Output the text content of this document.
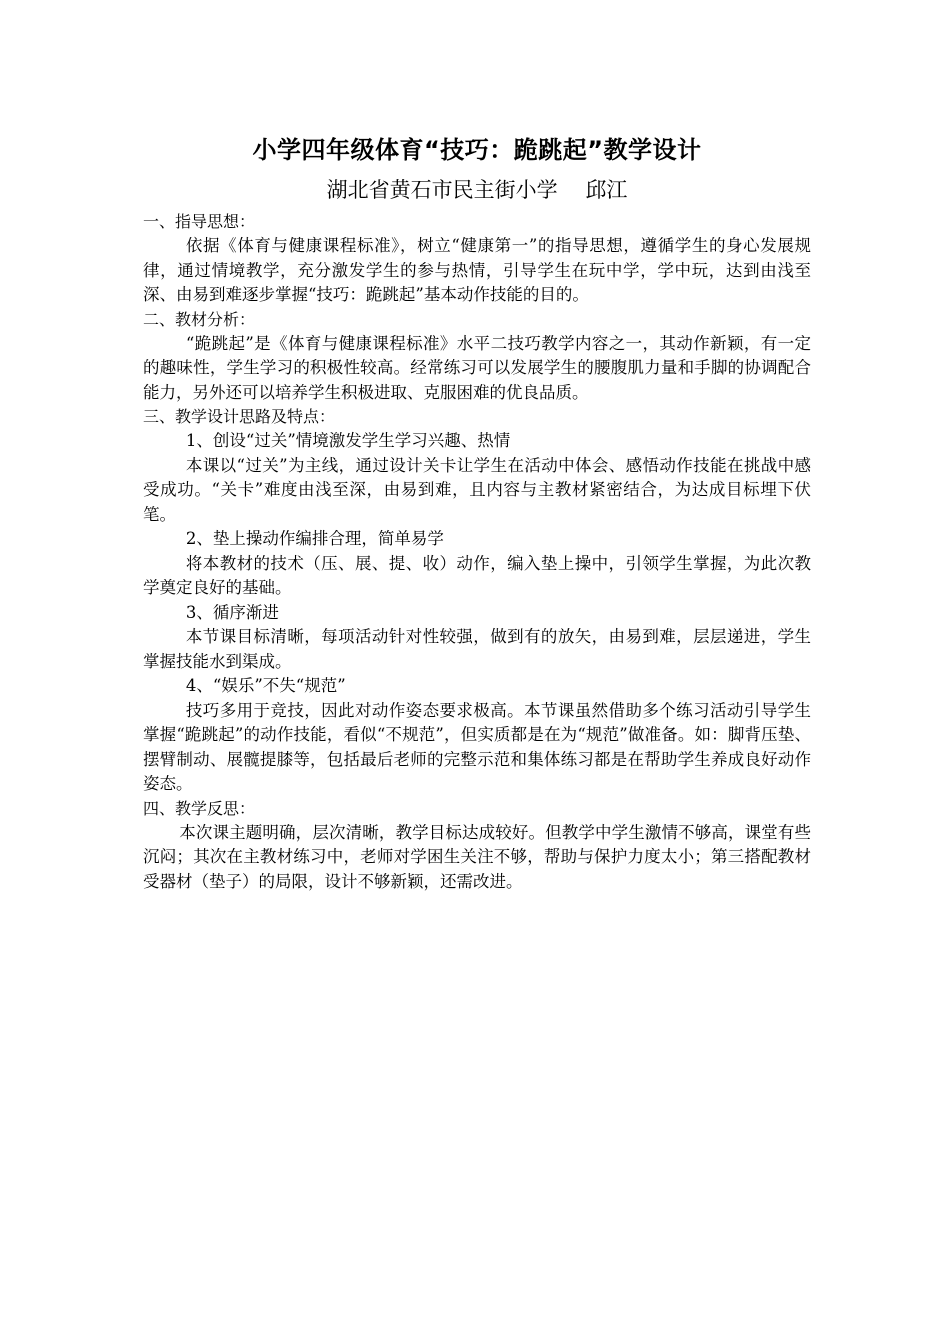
小学四年级体育“技巧：跪跳起”教学设计

湖北省黄石市民主街小学　 邱江

一、指导思想：

依据《体育与健康课程标准》，树立“健康第一”的指导思想，遵循学生的身心发展规律，通过情境教学，充分激发学生的参与热情，引导学生在玩中学，学中玩，达到由浅至深、由易到难逐步掌握“技巧：跪跳起”基本动作技能的目的。

二、教材分析：

“跪跳起”是《体育与健康课程标准》水平二技巧教学内容之一，其动作新颖，有一定的趣味性，学生学习的积极性较高。经常练习可以发展学生的腰腹肌力量和手脚的协调配合能力，另外还可以培养学生积极进取、克服困难的优良品质。

三、教学设计思路及特点：

1、创设“过关”情境激发学生学习兴趣、热情

本课以“过关”为主线，通过设计关卡让学生在活动中体会、感悟动作技能在挑战中感受成功。“关卡”难度由浅至深，由易到难，且内容与主教材紧密结合，为达成目标埋下伏笔。

2、垫上操动作编排合理，简单易学

将本教材的技术（压、展、提、收）动作，编入垫上操中，引领学生掌握，为此次教学奠定良好的基础。

3、循序渐进

本节课目标清晰，每项活动针对性较强，做到有的放矢，由易到难，层层递进，学生掌握技能水到渠成。

4、“娱乐”不失“规范”

技巧多用于竞技，因此对动作姿态要求极高。本节课虽然借助多个练习活动引导学生掌握“跪跳起”的动作技能，看似“不规范”，但实质都是在为“规范”做准备。如：脚背压垫、摆臂制动、展髋提膝等，包括最后老师的完整示范和集体练习都是在帮助学生养成良好动作姿态。

四、教学反思：

本次课主题明确，层次清晰，教学目标达成较好。但教学中学生激情不够高，课堂有些沉闷；其次在主教材练习中，老师对学困生关注不够，帮助与保护力度太小；第三搭配教材受器材（垫子）的局限，设计不够新颖，还需改进。
